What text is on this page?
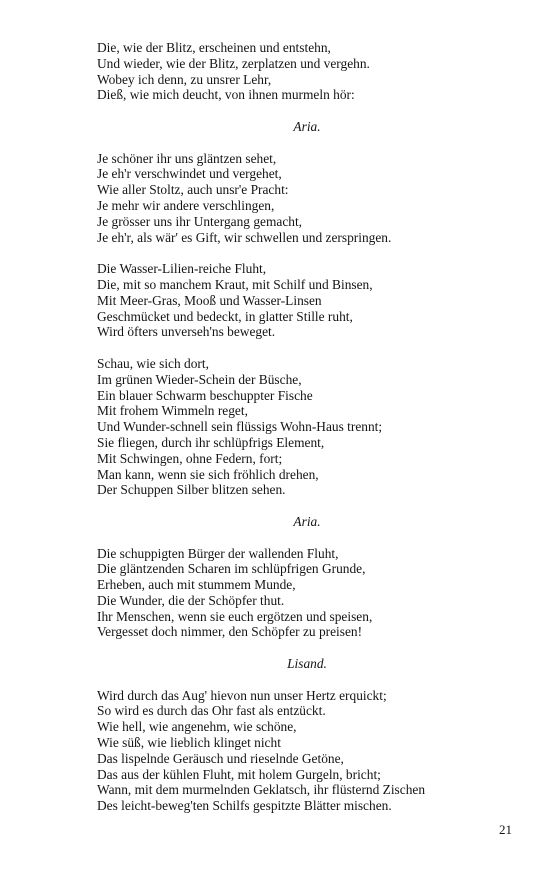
Die, wie der Blitz, erscheinen und entstehn,
Und wieder, wie der Blitz, zerplatzen und vergehn.
Wobey ich denn, zu unsrer Lehr,
Dieß, wie mich deucht, von ihnen murmeln hör:
Aria.
Je schöner ihr uns gläntzen sehet,
Je eh'r verschwindet und vergehet,
Wie aller Stoltz, auch unsr'e Pracht:
Je mehr wir andere verschlingen,
Je grösser uns ihr Untergang gemacht,
Je eh'r, als wär' es Gift, wir schwellen und zerspringen.
Die Wasser-Lilien-reiche Fluht,
Die, mit so manchem Kraut, mit Schilf und Binsen,
Mit Meer-Gras, Mooß und Wasser-Linsen
Geschmücket und bedeckt, in glatter Stille ruht,
Wird öfters unverseh'ns beweget.
Schau, wie sich dort,
Im grünen Wieder-Schein der Büsche,
Ein blauer Schwarm beschuppter Fische
Mit frohem Wimmeln reget,
Und Wunder-schnell sein flüssigs Wohn-Haus trennt;
Sie fliegen, durch ihr schlüpfrigs Element,
Mit Schwingen, ohne Federn, fort;
Man kann, wenn sie sich fröhlich drehen,
Der Schuppen Silber blitzen sehen.
Aria.
Die schuppigten Bürger der wallenden Fluht,
Die gläntzenden Scharen im schlüpfrigen Grunde,
Erheben, auch mit stummem Munde,
Die Wunder, die der Schöpfer thut.
Ihr Menschen, wenn sie euch ergötzen und speisen,
Vergesset doch nimmer, den Schöpfer zu preisen!
Lisand.
Wird durch das Aug' hievon nun unser Hertz erquickt;
So wird es durch das Ohr fast als entzückt.
Wie hell, wie angenehm, wie schöne,
Wie süß, wie lieblich klinget nicht
Das lispelnde Geräusch und rieselnde Getöne,
Das aus der kühlen Fluht, mit holem Gurgeln, bricht;
Wann, mit dem murmelnden Geklatsch, ihr flüsternd Zischen
Des leicht-beweg'ten Schilfs gespitzte Blätter mischen.
21
